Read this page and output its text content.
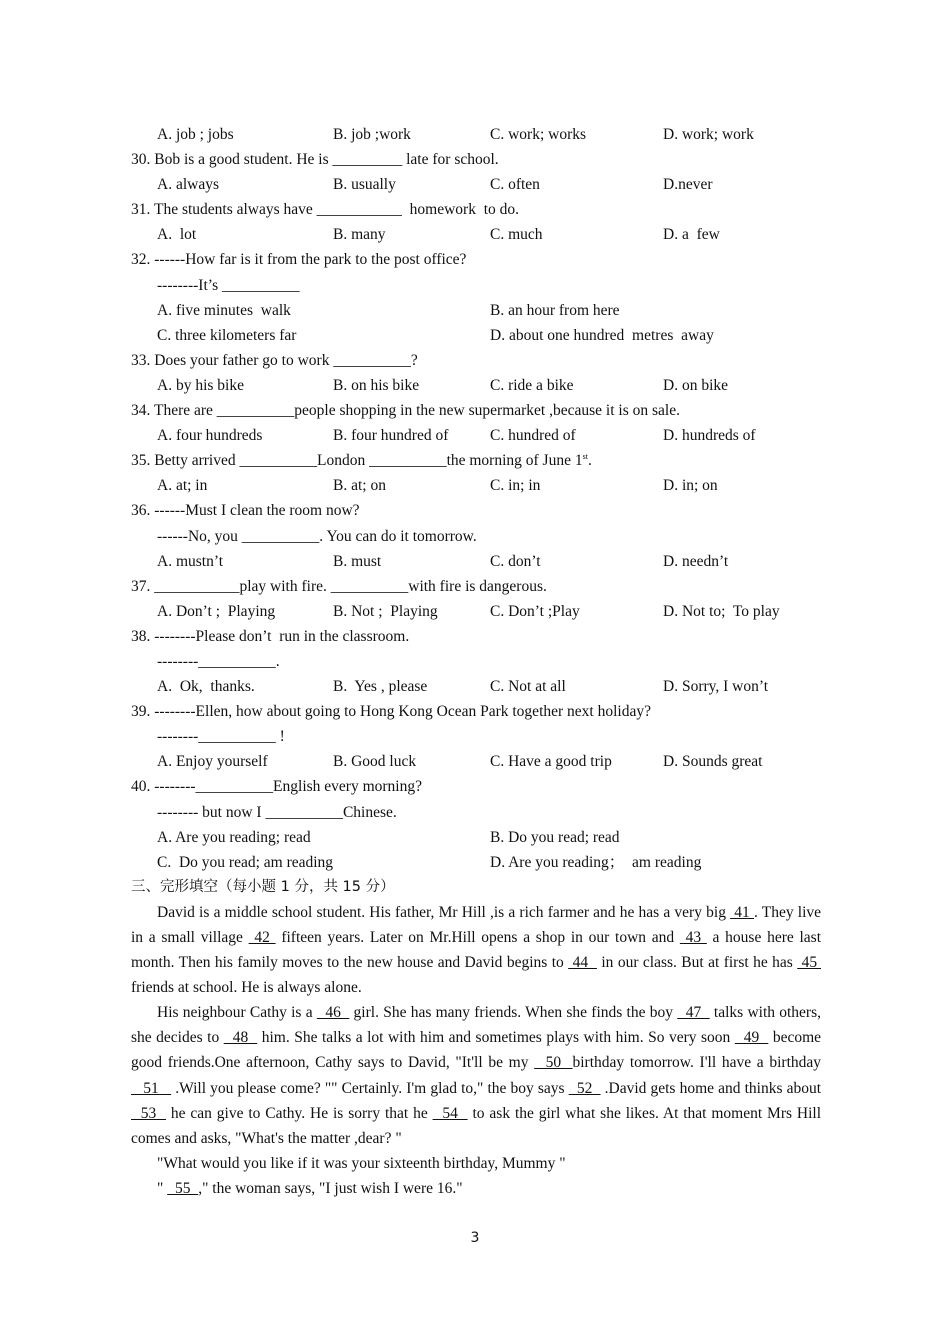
A. job ; jobs	B. job ;work	C. work; works	D. work; work
30. Bob is a good student. He is _________ late for school.
A. always	B. usually	C. often	D.never
31. The students always have ___________  homework  to do.
A.  lot	B. many	C. much	D. a  few
32. ------How far is it from the park to the post office?
--------It’s __________
A. five minutes  walk	B. an hour from here
C. three kilometers far	D. about one hundred  metres  away
33. Does your father go to work __________?
A. by his bike	B. on his bike	C. ride a bike	D. on bike
34. There are __________people shopping in the new supermarket ,because it is on sale.
A. four hundreds	B. four hundred of	C. hundred of	D. hundreds of
35. Betty arrived __________London __________the morning of June 1st.
A. at; in	B. at; on	C. in; in	D. in; on
36. ------Must I clean the room now?
------No, you __________. You can do it tomorrow.
A. mustn’t	B. must	C. don’t	D. needn’t
37. ___________play with fire. __________with fire is dangerous.
A. Don’t ;  Playing	B. Not ;  Playing	C. Don’t ;Play	D. Not to;  To play
38. --------Please don’t  run in the classroom.
--------__________.
A.  Ok,  thanks.	B.  Yes , please	C. Not at all	D. Sorry, I won’t
39. --------Ellen, how about going to Hong Kong Ocean Park together next holiday?
--------__________ !
A. Enjoy yourself	B. Good luck	C. Have a good trip	D. Sounds great
40. --------__________English every morning?
-------- but now I __________Chinese.
A. Are you reading; read	B. Do you read; read
C.  Do you read; am reading	D. Are you reading；  am reading
三、完形填空（每小题 1 分，共 15 分）

David is a middle school student. His father, Mr Hill ,is a rich farmer and he has a very big  41 . They live in a small village  42  fifteen years. Later on Mr.Hill opens a shop in our town and  43  a house here last month. Then his family moves to the new house and David begins to  44   in our class. But at first he has  45  friends at school. He is always alone.

His neighbour Cathy is a   46   girl. She has many friends. When she finds the boy   47   talks with others, she decides to   48   him. She talks a lot with him and sometimes plays with him. So very soon   49   become good friends.One afternoon, Cathy says to David, "It'll be my   50  birthday tomorrow. I'll have a birthday    51    .Will you please come? "" Certainly. I'm glad to," the boy says   52   .David gets home and thinks about   53   he can give to Cathy. He is sorry that he   54   to ask the girl what she likes. At that moment Mrs Hill comes and asks, "What's the matter ,dear? "

"What would you like if it was your sixteenth birthday, Mummy "

"   55  ," the woman says, "I just wish I were 16."

3
